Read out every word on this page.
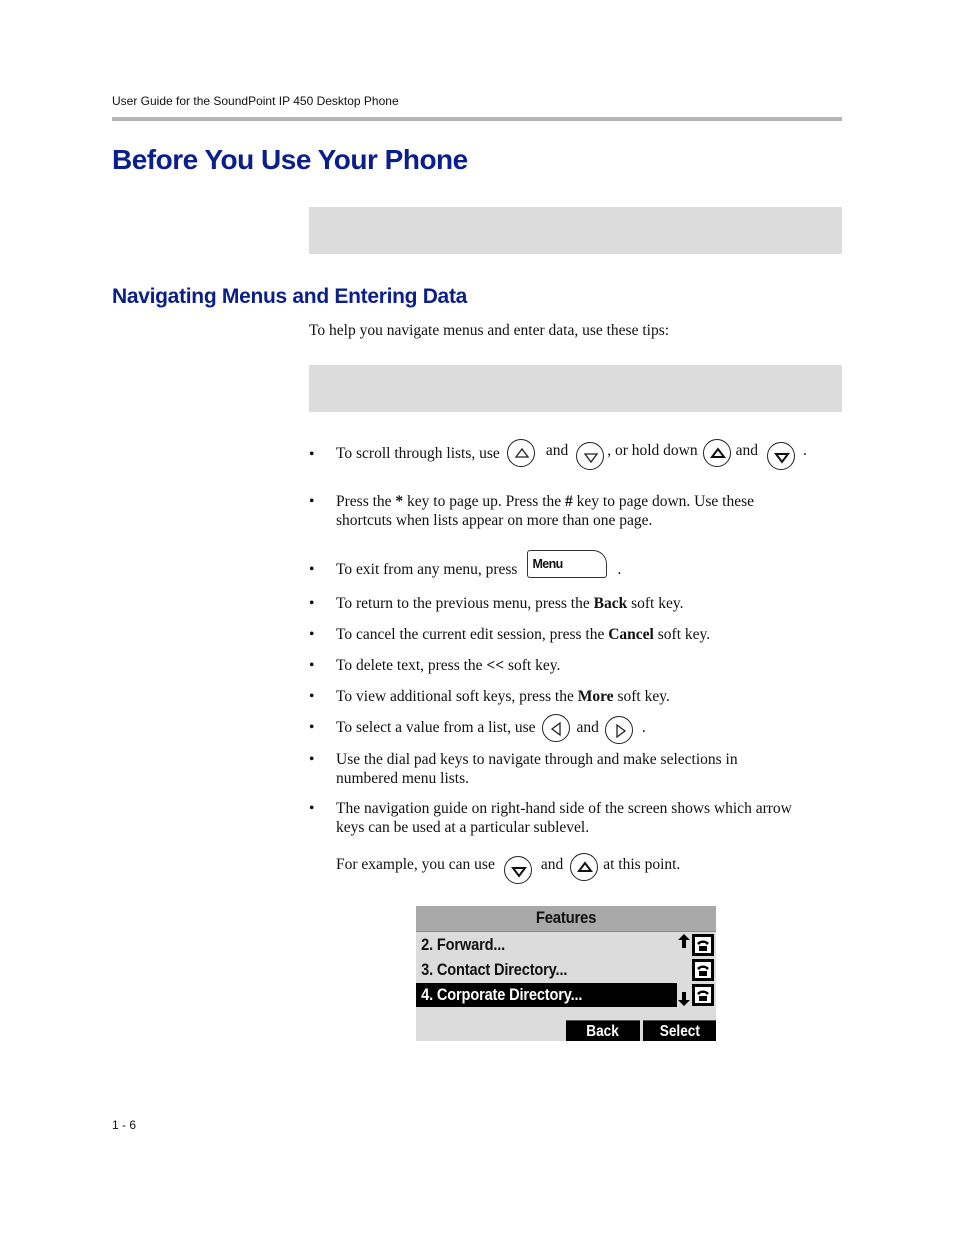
User Guide for the SoundPoint IP 450 Desktop Phone
Before You Use Your Phone
Navigating Menus and Entering Data
To help you navigate menus and enter data, use these tips:
• To scroll through lists, use	and	, or hold down and	.
• Press the * key to page up. Press the # key to page down. Use these
shortcuts when lists appear on more than one page.
• To exit from any menu, press Menu	.
• To return to the previous menu, press the Back soft key.
• To cancel the current edit session, press the Cancel soft key.
• To delete text, press the << soft key.
• To view additional soft keys, press the More soft key.
• To select a value from a list, use	and	.
• Use the dial pad keys to navigate through and make selections in
numbered menu lists.
• The navigation guide on right-hand side of the screen shows which arrow
keys can be used at a particular sublevel.
For example, you can use	and	at this point.
Features
2. Forward...
3. Contact Directory...
4. Corporate Directory...
Back	Select
1 - 6
